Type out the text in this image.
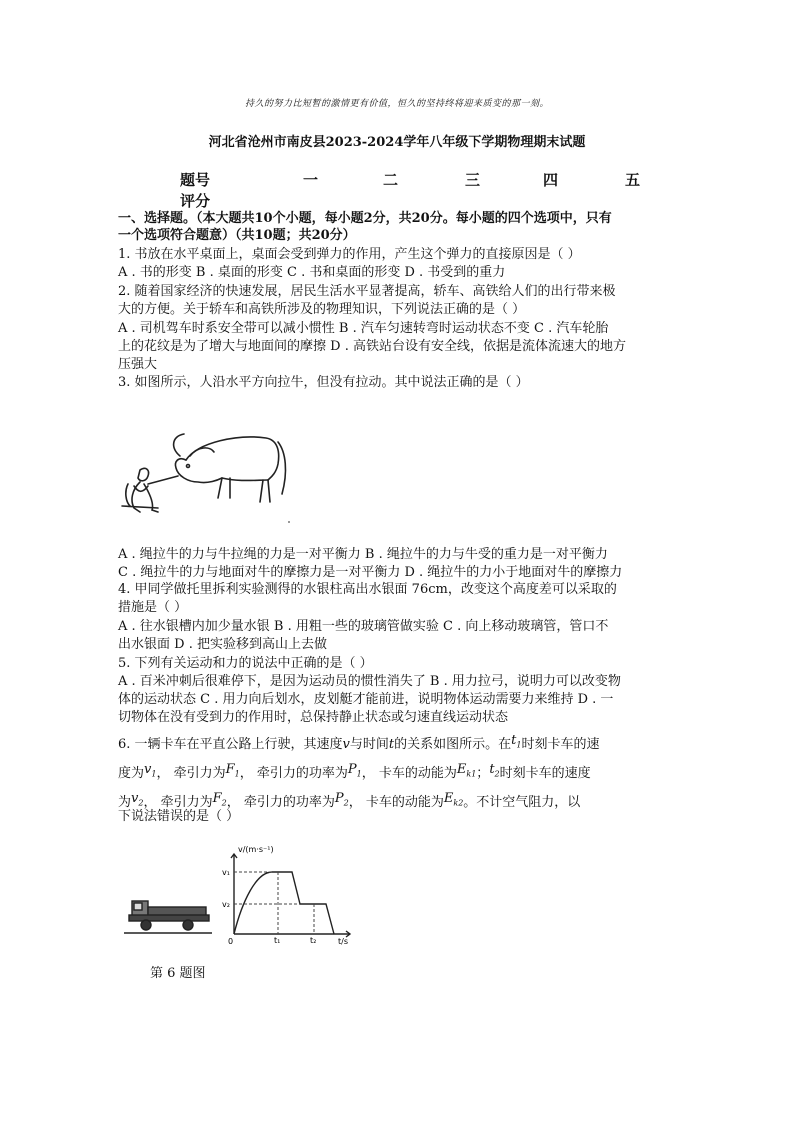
持久的努力比短暂的激情更有价值，恒久的坚持终将迎来质变的那一刻。
河北省沧州市南皮县2023-2024学年八年级下学期物理期末试题
题号	一	二	三	四	五
评分
一、选择题。（本大题共10个小题，每小题2分，共20分。每小题的四个选项中，只有
一个选项符合题意）（共10题；共20分）
1. 书放在水平桌面上，桌面会受到弹力的作用，产生这个弹力的直接原因是（ ）
A . 书的形变 B . 桌面的形变 C . 书和桌面的形变 D . 书受到的重力
2. 随着国家经济的快速发展，居民生活水平显著提高，轿车、高铁给人们的出行带来极
大的方便。关于轿车和高铁所涉及的物理知识，下列说法正确的是（ ）
A . 司机驾车时系安全带可以减小惯性 B . 汽车匀速转弯时运动状态不变 C . 汽车轮胎
上的花纹是为了增大与地面间的摩擦 D . 高铁站台设有安全线，依据是流体流速大的地方
压强大
3. 如图所示，人沿水平方向拉牛，但没有拉动。其中说法正确的是（ ）
A . 绳拉牛的力与牛拉绳的力是一对平衡力 B . 绳拉牛的力与牛受的重力是一对平衡力
C . 绳拉牛的力与地面对牛的摩擦力是一对平衡力 D . 绳拉牛的力小于地面对牛的摩擦力
4. 甲同学做托里拆利实验测得的水银柱高出水银面 76cm，改变这个高度差可以采取的
措施是（ ）
A . 往水银槽内加少量水银 B . 用粗一些的玻璃管做实验 C . 向上移动玻璃管，管口不
出水银面 D . 把实验移到高山上去做
5. 下列有关运动和力的说法中正确的是（ ）
A . 百米冲刺后很难停下，是因为运动员的惯性消失了 B . 用力拉弓，说明力可以改变物
体的运动状态 C . 用力向后划水，皮划艇才能前进，说明物体运动需要力来维持 D . 一
切物体在没有受到力的作用时，总保持静止状态或匀速直线运动状态
6. 一辆卡车在平直公路上行驶，其速度v与时间t的关系如图所示。在$t_1$时刻卡车的速
度为$v_1$， 牵引力为$F_1$， 牵引力的功率为$P_1$， 卡车的动能为$E_{k1}$；$t_2$时刻卡车的速度
为$v_2$， 牵引力为$F_2$， 牵引力的功率为$P_2$， 卡车的动能为$E_{k2}$。不计空气阻力，以
下说法错误的是（ ）
v/(m·s⁻¹)
t/s
0
v₁
v₂
t₁	t₂
第 6 题图
